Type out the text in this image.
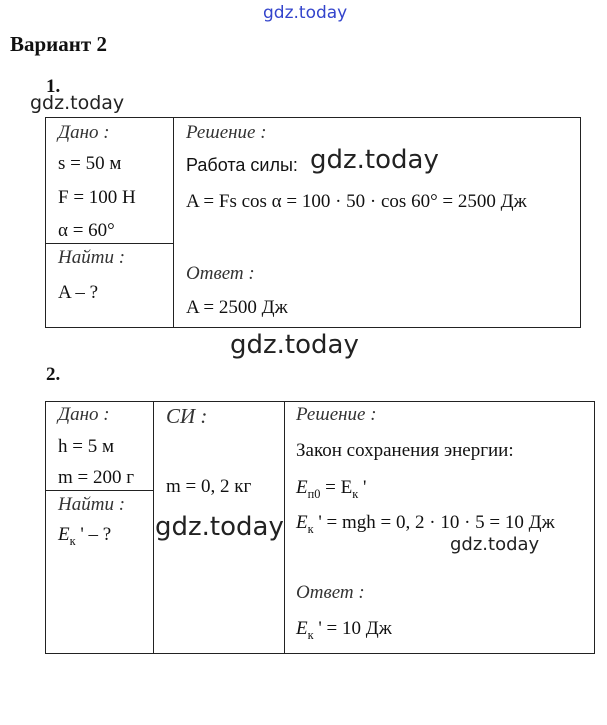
gdz.today
Вариант 2
1.
gdz.today
Дано :
s = 50 м
F = 100 Н
α = 60°
Найти :
A – ?
Решение :
Работа силы: gdz.today
A = Fs cos α = 100 · 50 · cos 60° = 2500 Дж
Ответ :
A = 2500 Дж
gdz.today
2.
Дано :
h = 5 м
m = 200 г
Найти :
$E_к$ ' – ?
СИ :
m = 0, 2 кг
Решение :
Закон сохранения энергии:
$E_{п0} = E_к$ '
$E_к$ ' = mgh = 0, 2 · 10 · 5 = 10 Дж
gdz.today
gdz.today
Ответ :
$E_к$ ' = 10 Дж
